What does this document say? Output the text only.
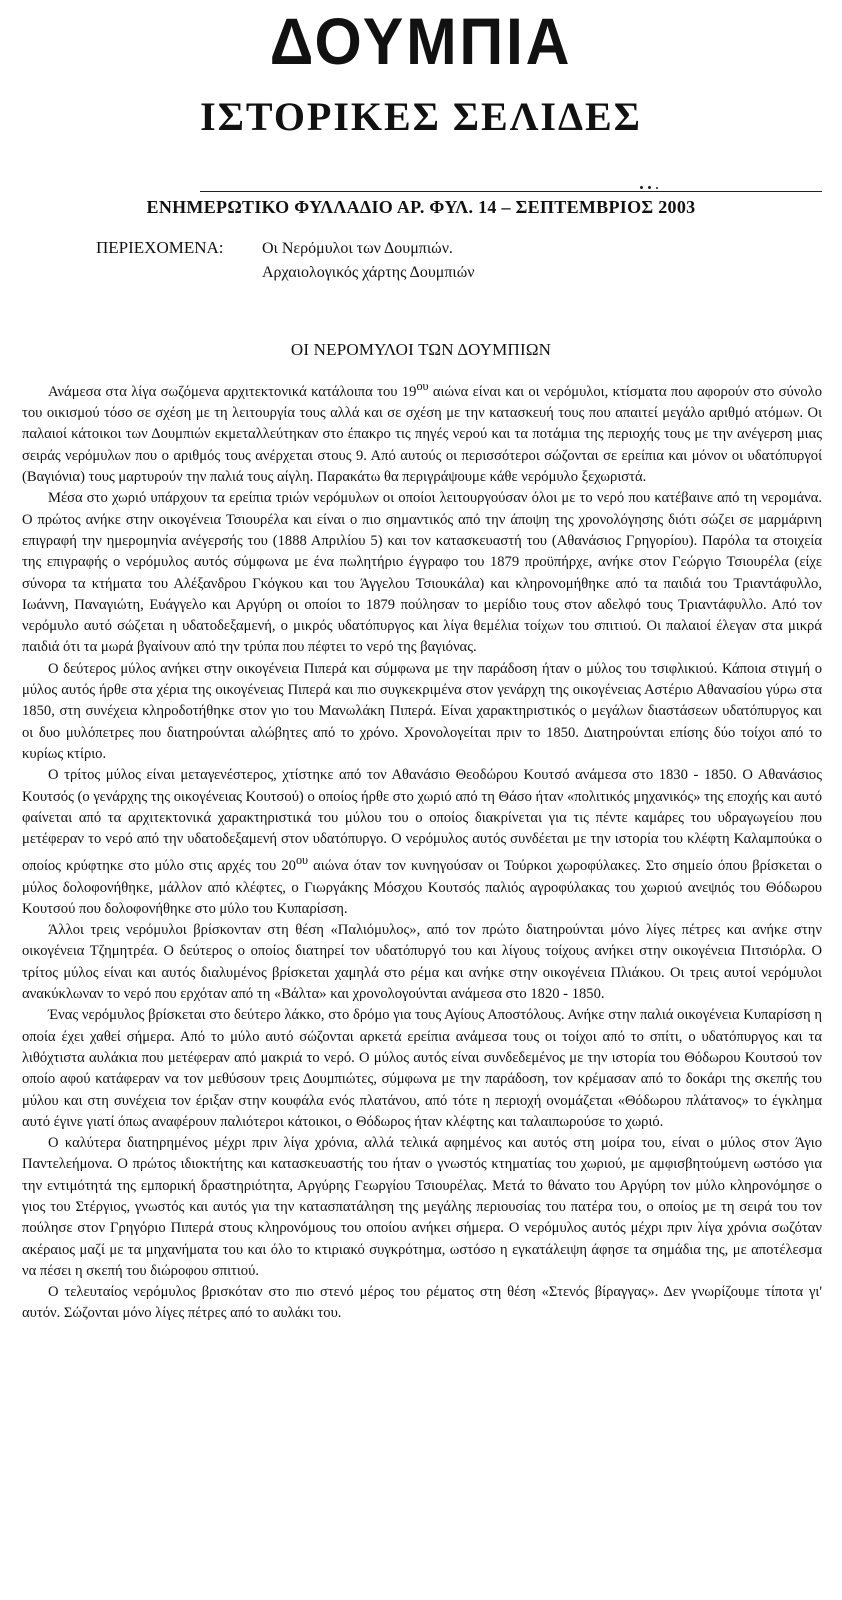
ΔΟΥΜΠΙΑ
ΙΣΤΟΡΙΚΕΣ ΣΕΛΙΔΕΣ
ΕΝΗΜΕΡΩΤΙΚΟ ΦΥΛΛΑΔΙΟ ΑΡ. ΦΥΛ. 14 – ΣΕΠΤΕΜΒΡΙΟΣ 2003
ΠΕΡΙΕΧΟΜΕΝΑ: Οι Νερόμυλοι των Δουμπιών.
Αρχαιολογικός χάρτης Δουμπιών
ΟΙ ΝΕΡΟΜΥΛΟΙ ΤΩΝ ΔΟΥΜΠΙΩΝ

Ανάμεσα στα λίγα σωζόμενα αρχιτεκτονικά κατάλοιπα του $19^{o\upsilon}$ αιώνα είναι και οι νερόμυλοι, κτίσματα που αφορούν στο σύνολο του οικισμού τόσο σε σχέση με τη λειτουργία τους αλλά και σε σχέση με την κατασκευή τους που απαιτεί μεγάλο αριθμό ατόμων. Οι παλαιοί κάτοικοι των Δουμπιών εκμεταλλεύτηκαν στο έπακρο τις πηγές νερού και τα ποτάμια της περιοχής τους με την ανέγερση μιας σειράς νερόμυλων που ο αριθμός τους ανέρχεται στους 9. Από αυτούς οι περισσότεροι σώζονται σε ερείπια και μόνον οι υδατόπυργοί (Βαγιόνια) τους μαρτυρούν την παλιά τους αίγλη. Παρακάτω θα περιγράψουμε κάθε νερόμυλο ξεχωριστά.

Μέσα στο χωριό υπάρχουν τα ερείπια τριών νερόμυλων οι οποίοι λειτουργούσαν όλοι με το νερό που κατέβαινε από τη νερομάνα. Ο πρώτος ανήκε στην οικογένεια Τσιουρέλα και είναι ο πιο σημαντικός από την άποψη της χρονολόγησης διότι σώζει σε μαρμάρινη επιγραφή την ημερομηνία ανέγερσής του (1888 Απριλίου 5) και τον κατασκευαστή του (Αθανάσιος Γρηγορίου). Παρόλα τα στοιχεία της επιγραφής ο νερόμυλος αυτός σύμφωνα με ένα πωλητήριο έγγραφο του 1879 προϋπήρχε, ανήκε στον Γεώργιο Τσιουρέλα (είχε σύνορα τα κτήματα του Αλέξανδρου Γκόγκου και του Άγγελου Τσιουκάλα) και κληρονομήθηκε από τα παιδιά του Τριαντάφυλλο, Ιωάννη, Παναγιώτη, Ευάγγελο και Αργύρη οι οποίοι το 1879 πούλησαν το μερίδιο τους στον αδελφό τους Τριαντάφυλλο. Από τον νερόμυλο αυτό σώζεται η υδατοδεξαμενή, ο μικρός υδατόπυργος και λίγα θεμέλια τοίχων του σπιτιού. Οι παλαιοί έλεγαν στα μικρά παιδιά ότι τα μωρά βγαίνουν από την τρύπα που πέφτει το νερό της βαγιόνας.

Ο δεύτερος μύλος ανήκει στην οικογένεια Πιπερά και σύμφωνα με την παράδοση ήταν ο μύλος του τσιφλικιού. Κάποια στιγμή ο μύλος αυτός ήρθε στα χέρια της οικογένειας Πιπερά και πιο συγκεκριμένα στον γενάρχη της οικογένειας Αστέριο Αθανασίου γύρω στα 1850, στη συνέχεια κληροδοτήθηκε στον γιο του Μανωλάκη Πιπερά. Είναι χαρακτηριστικός ο μεγάλων διαστάσεων υδατόπυργος και οι δυο μυλόπετρες που διατηρούνται αλώβητες από το χρόνο. Χρονολογείται πριν το 1850. Διατηρούνται επίσης δύο τοίχοι από το κυρίως κτίριο.

Ο τρίτος μύλος είναι μεταγενέστερος, χτίστηκε από τον Αθανάσιο Θεοδώρου Κουτσό ανάμεσα στο 1830 - 1850. Ο Αθανάσιος Κουτσός (ο γενάρχης της οικογένειας Κουτσού) ο οποίος ήρθε στο χωριό από τη Θάσο ήταν «πολιτικός μηχανικός» της εποχής και αυτό φαίνεται από τα αρχιτεκτονικά χαρακτηριστικά του μύλου του ο οποίος διακρίνεται για τις πέντε καμάρες του υδραγωγείου που μετέφεραν το νερό από την υδατοδεξαμενή στον υδατόπυργο. Ο νερόμυλος αυτός συνδέεται με την ιστορία του κλέφτη Καλαμπούκα ο οποίος κρύφτηκε στο μύλο στις αρχές του $20^{o\upsilon}$ αιώνα όταν τον κυνηγούσαν οι Τούρκοι χωροφύλακες. Στο σημείο όπου βρίσκεται ο μύλος δολοφονήθηκε, μάλλον από κλέφτες, ο Γιωργάκης Μόσχου Κουτσός παλιός αγροφύλακας του χωριού ανεψιός του Θόδωρου Κουτσού που δολοφονήθηκε στο μύλο του Κυπαρίσση.

Άλλοι τρεις νερόμυλοι βρίσκονταν στη θέση «Παλιόμυλος», από τον πρώτο διατηρούνται μόνο λίγες πέτρες και ανήκε στην οικογένεια Τζημητρέα. Ο δεύτερος ο οποίος διατηρεί τον υδατόπυργό του και λίγους τοίχους ανήκει στην οικογένεια Πιτσιόρλα. Ο τρίτος μύλος είναι και αυτός διαλυμένος βρίσκεται χαμηλά στο ρέμα και ανήκε στην οικογένεια Πλιάκου. Οι τρεις αυτοί νερόμυλοι ανακύκλωναν το νερό που ερχόταν από τη «Βάλτα» και χρονολογούνται ανάμεσα στο 1820 - 1850.

Ένας νερόμυλος βρίσκεται στο δεύτερο λάκκο, στο δρόμο για τους Αγίους Αποστόλους. Ανήκε στην παλιά οικογένεια Κυπαρίσση η οποία έχει χαθεί σήμερα. Από το μύλο αυτό σώζονται αρκετά ερείπια ανάμεσα τους οι τοίχοι από το σπίτι, ο υδατόπυργος και τα λιθόχτιστα αυλάκια που μετέφεραν από μακριά το νερό. Ο μύλος αυτός είναι συνδεδεμένος με την ιστορία του Θόδωρου Κουτσού τον οποίο αφού κατάφεραν να τον μεθύσουν τρεις Δουμπιώτες, σύμφωνα με την παράδοση, τον κρέμασαν από το δοκάρι της σκεπής του μύλου και στη συνέχεια τον έριξαν στην κουφάλα ενός πλατάνου, από τότε η περιοχή ονομάζεται «Θόδωρου πλάτανος» το έγκλημα αυτό έγινε γιατί όπως αναφέρουν παλιότεροι κάτοικοι, ο Θόδωρος ήταν κλέφτης και ταλαιπωρούσε το χωριό.

Ο καλύτερα διατηρημένος μέχρι πριν λίγα χρόνια, αλλά τελικά αφημένος και αυτός στη μοίρα του, είναι ο μύλος στον Άγιο Παντελεήμονα. Ο πρώτος ιδιοκτήτης και κατασκευαστής του ήταν ο γνωστός κτηματίας του χωριού, με αμφισβητούμενη ωστόσο για την εντιμότητά της εμπορική δραστηριότητα, Αργύρης Γεωργίου Τσιουρέλας. Μετά το θάνατο του Αργύρη τον μύλο κληρονόμησε ο γιος του Στέργιος, γνωστός και αυτός για την κατασπατάληση της μεγάλης περιουσίας του πατέρα του, ο οποίος με τη σειρά του τον πούλησε στον Γρηγόριο Πιπερά στους κληρονόμους του οποίου ανήκει σήμερα. Ο νερόμυλος αυτός μέχρι πριν λίγα χρόνια σωζόταν ακέραιος μαζί με τα μηχανήματα του και όλο το κτιριακό συγκρότημα, ωστόσο η εγκατάλειψη άφησε τα σημάδια της, με αποτέλεσμα να πέσει η σκεπή του διώροφου σπιτιού.

Ο τελευταίος νερόμυλος βρισκόταν στο πιο στενό μέρος του ρέματος στη θέση «Στενός βίραγγας». Δεν γνωρίζουμε τίποτα γι' αυτόν. Σώζονται μόνο λίγες πέτρες από το αυλάκι του.
